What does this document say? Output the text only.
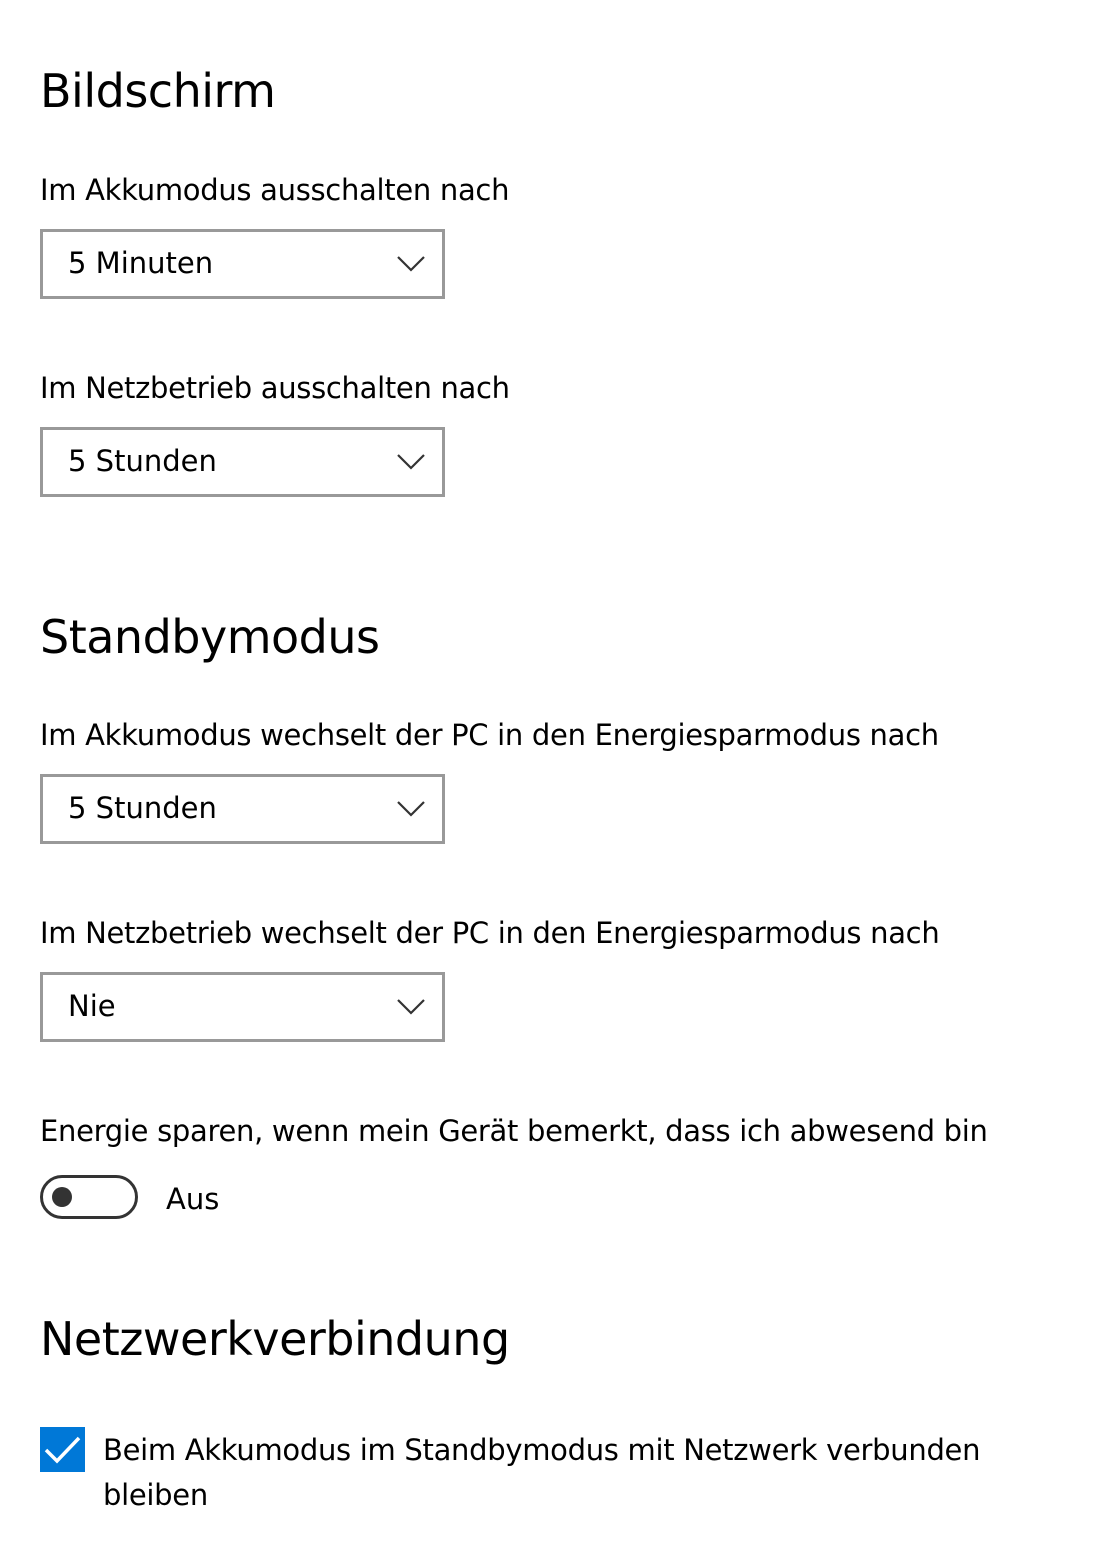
Bildschirm
Im Akkumodus ausschalten nach
5 Minuten
Im Netzbetrieb ausschalten nach
5 Stunden
Standbymodus
Im Akkumodus wechselt der PC in den Energiesparmodus nach
5 Stunden
Im Netzbetrieb wechselt der PC in den Energiesparmodus nach
Nie
Energie sparen, wenn mein Gerät bemerkt, dass ich abwesend bin
Aus
Netzwerkverbindung
Beim Akkumodus im Standbymodus mit Netzwerk verbunden bleiben
